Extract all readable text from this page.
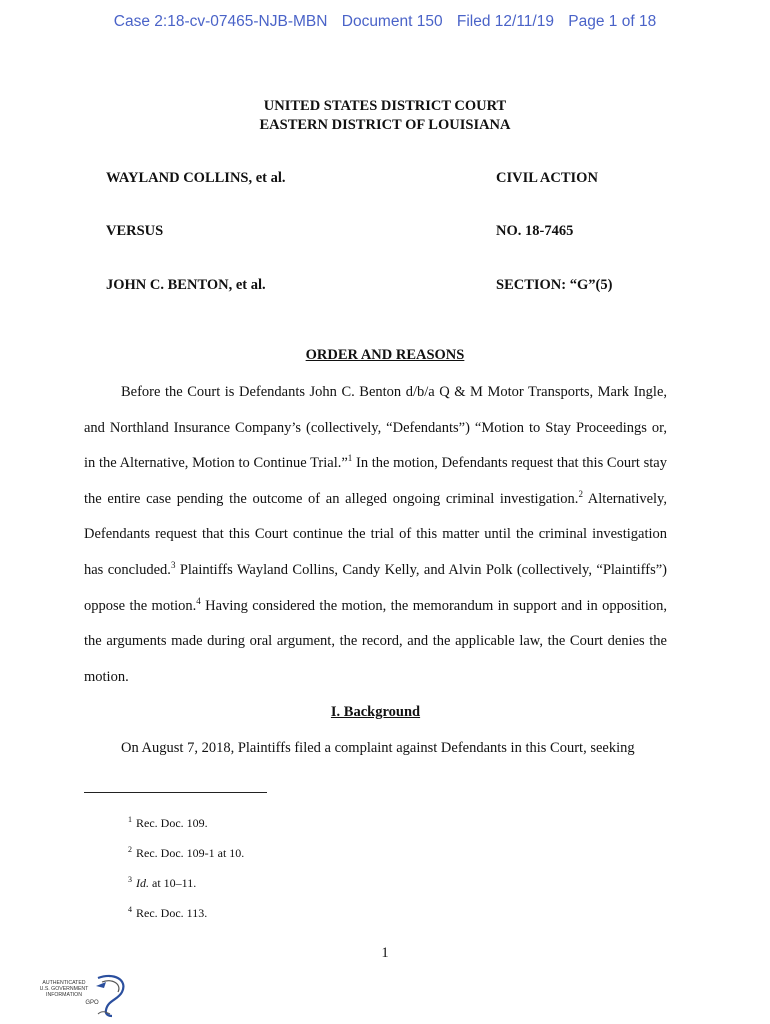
Case 2:18-cv-07465-NJB-MBN Document 150 Filed 12/11/19 Page 1 of 18
UNITED STATES DISTRICT COURT
EASTERN DISTRICT OF LOUISIANA
WAYLAND COLLINS, et al.	CIVIL ACTION
VERSUS	NO. 18-7465
JOHN C. BENTON, et al.	SECTION: “G”(5)
ORDER AND REASONS

Before the Court is Defendants John C. Benton d/b/a Q & M Motor Transports, Mark Ingle, and Northland Insurance Company’s (collectively, “Defendants”) “Motion to Stay Proceedings or, in the Alternative, Motion to Continue Trial.”$^1$ In the motion, Defendants request that this Court stay the entire case pending the outcome of an alleged ongoing criminal investigation.$^2$ Alternatively, Defendants request that this Court continue the trial of this matter until the criminal investigation has concluded.$^3$ Plaintiffs Wayland Collins, Candy Kelly, and Alvin Polk (collectively, “Plaintiffs”) oppose the motion.$^4$ Having considered the motion, the memorandum in support and in opposition, the arguments made during oral argument, the record, and the applicable law, the Court denies the motion.

I. Background

On August 7, 2018, Plaintiffs filed a complaint against Defendants in this Court, seeking

$^1$ Rec. Doc. 109.
$^2$ Rec. Doc. 109-1 at 10.
$^3$ Id. at 10–11.
$^4$ Rec. Doc. 113.
1
AUTHENTICATED
U.S. GOVERNMENT
INFORMATION
GPO
